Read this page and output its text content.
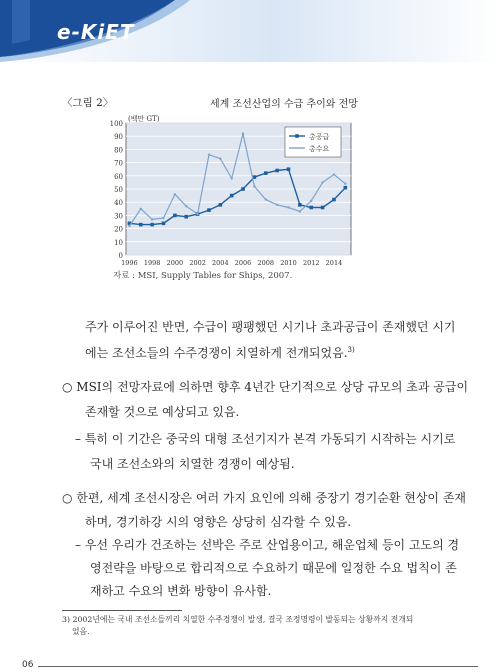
e-KiET
〈그림 2〉	세계 조선산업의 수급 추이와 전망
0
10
20
30
40
50
60
70
80
90
100
1996 1998 2000 2002 2004 2006 2008 2010 2012 2014
(백만 GT)
총공급
총수요
자료 : MSI, Supply Tables for Ships, 2007.
주가 이루어진 반면, 수급이 팽팽했던 시기나 초과공급이 존재했던 시기
에는 조선소들의 수주경쟁이 치열하게 전개되었음.$^{3)}$
○ MSI의 전망자료에 의하면 향후 4년간 단기적으로 상당 규모의 초과 공급이
존재할 것으로 예상되고 있음.
– 특히 이 기간은 중국의 대형 조선기지가 본격 가동되기 시작하는 시기로
국내 조선소와의 치열한 경쟁이 예상됨.
○ 한편, 세계 조선시장은 여러 가지 요인에 의해 중장기 경기순환 현상이 존재
하며, 경기하강 시의 영향은 상당히 심각할 수 있음.
– 우선 우리가 건조하는 선박은 주로 산업용이고, 해운업체 등이 고도의 경
영전략을 바탕으로 합리적으로 수요하기 때문에 일정한 수요 법칙이 존
재하고 수요의 변화 방향이 유사함.
3) 2002년에는 국내 조선소들끼리 치열한 수주경쟁이 발생, 결국 조정명령이 발동되는 상황까지 전개되
었음.
06
